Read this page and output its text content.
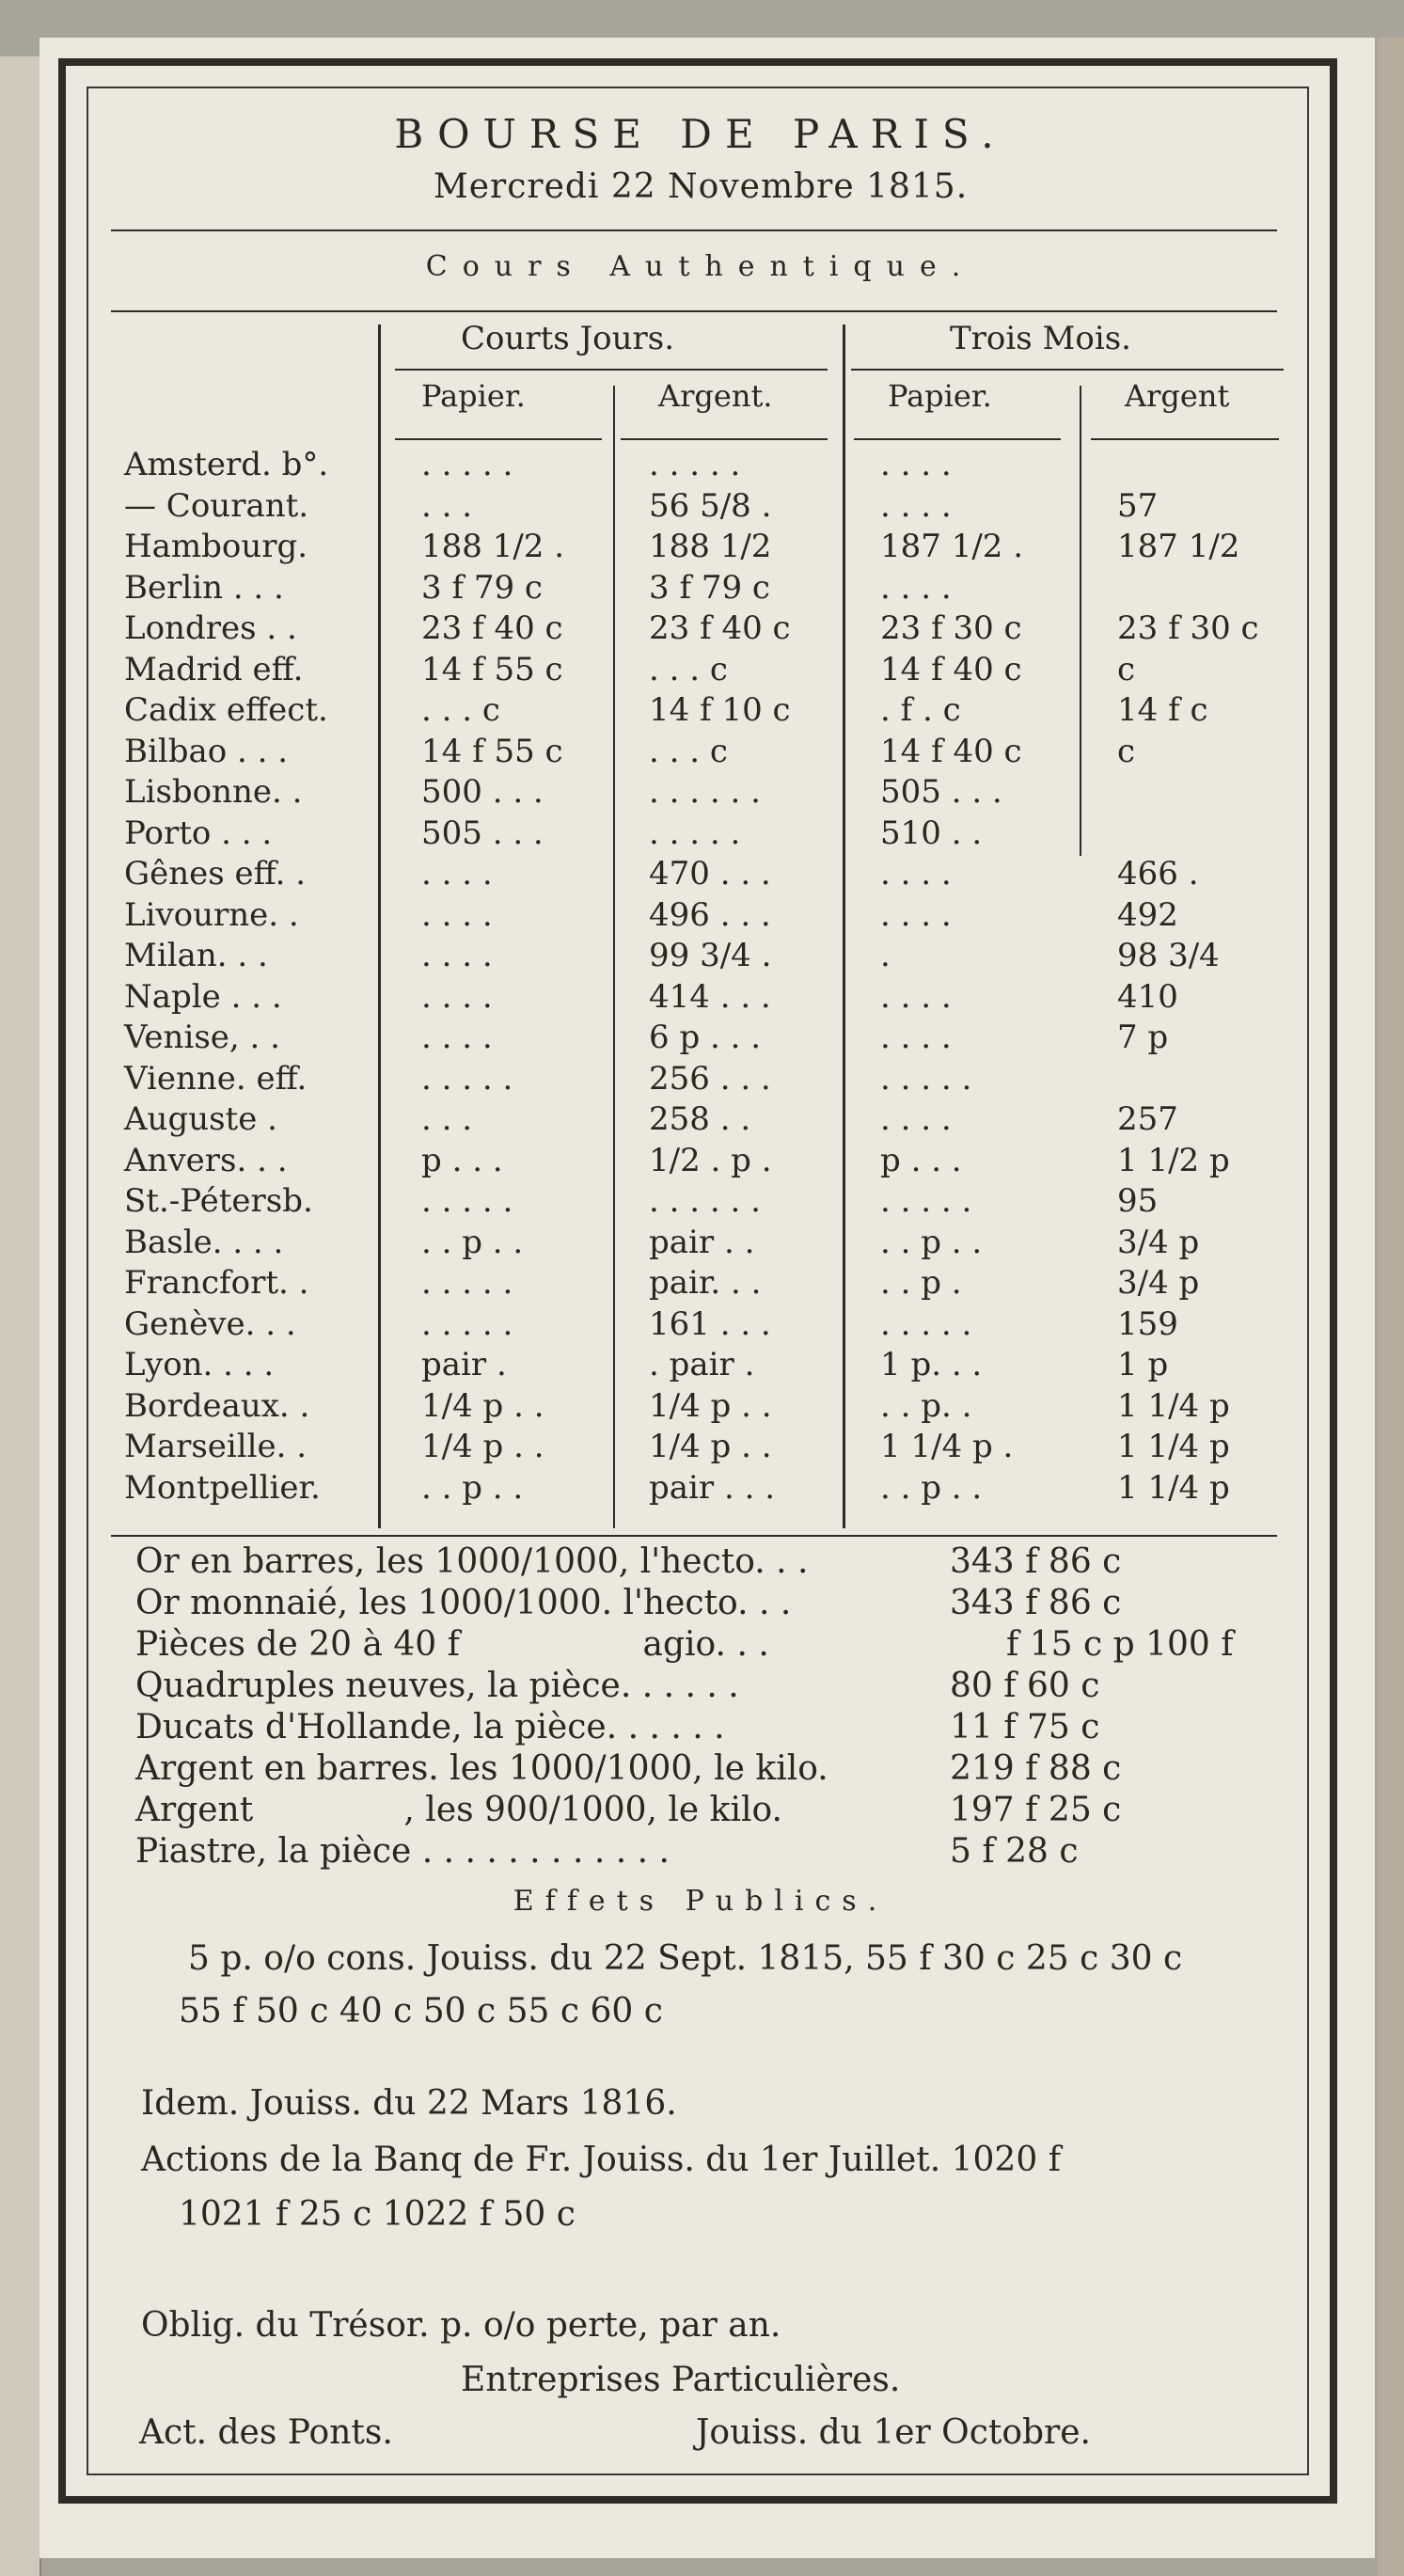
BOURSE DE PARIS.
Mercredi 22 Novembre 1815.
Cours Authentique.
Courts Jours.	Trois Mois.
Papier.	Argent.	Papier.	Argent
Amsterd. b°.	. . . . .	. . . . .	. . . .
— Courant.	. . .	56 5/8 .	. . . .	57
Hambourg.	188 1/2 .	188 1/2	187 1/2 .	187 1/2
Berlin . . .	3 f 79 c	3 f 79 c	. . . .
Londres . .	23 f 40 c	23 f 40 c	23 f 30 c	23 f 30 c
Madrid eff.	14 f 55 c	. . . c	14 f 40 c	c
Cadix effect.	. . . c	14 f 10 c	. f . c	14 f c
Bilbao . . .	14 f 55 c	. . . c	14 f 40 c	c
Lisbonne. .	500 . . .	. . . . . .	505 . . .
Porto . . .	505 . . .	. . . . .	510 . .
Gênes eff. .	. . . .	470 . . .	. . . .	466 .
Livourne. .	. . . .	496 . . .	. . . .	492
Milan. . .	. . . .	99 3/4 .	.	98 3/4
Naple . . .	. . . .	414 . . .	. . . .	410
Venise, . .	. . . .	6 p . . .	. . . .	7 p
Vienne. eff.	. . . . .	256 . . .	. . . . .
Auguste .	. . .	258 . .	. . . .	257
Anvers. . .	p . . .	1/2 . p .	p . . .	1 1/2 p
St.-Pétersb.	. . . . .	. . . . . .	. . . . .	95
Basle. . . .	. . p . .	pair . .	. . p . .	3/4 p
Francfort. .	. . . . .	pair. . .	. . p .	3/4 p
Genève. . .	. . . . .	161 . . .	. . . . .	159
Lyon. . . .	pair .	. pair .	1 p. . .	1 p
Bordeaux. .	1/4 p . .	1/4 p . .	. . p. .	1 1/4 p
Marseille. .	1/4 p . .	1/4 p . .	1 1/4 p .	1 1/4 p
Montpellier.	. . p . .	pair . . .	. . p . .	1 1/4 p
Or en barres, les 1000/1000, l'hecto. . .	343 f 86 c
Or monnaié, les 1000/1000. l'hecto. . .	343 f 86 c
Pièces de 20 à 40 f                 agio. . .	f 15 c p 100 f
Quadruples neuves, la pièce. . . . . .	80 f 60 c
Ducats d'Hollande, la pièce. . . . . .	11 f 75 c
Argent en barres. les 1000/1000, le kilo.	219 f 88 c
Argent              , les 900/1000, le kilo.	197 f 25 c
Piastre, la pièce . . . . . . . . . . . .	5 f 28 c
Effets Publics.
5 p. o/o cons. Jouiss. du 22 Sept. 1815, 55 f 30 c 25 c 30 c
55 f 50 c 40 c 50 c 55 c 60 c
Idem. Jouiss. du 22 Mars 1816.
Actions de la Banq de Fr. Jouiss. du 1er Juillet. 1020 f
1021 f 25 c 1022 f 50 c
Oblig. du Trésor. p. o/o perte, par an.
Entreprises Particulières.
Act. des Ponts.	Jouiss. du 1er Octobre.
